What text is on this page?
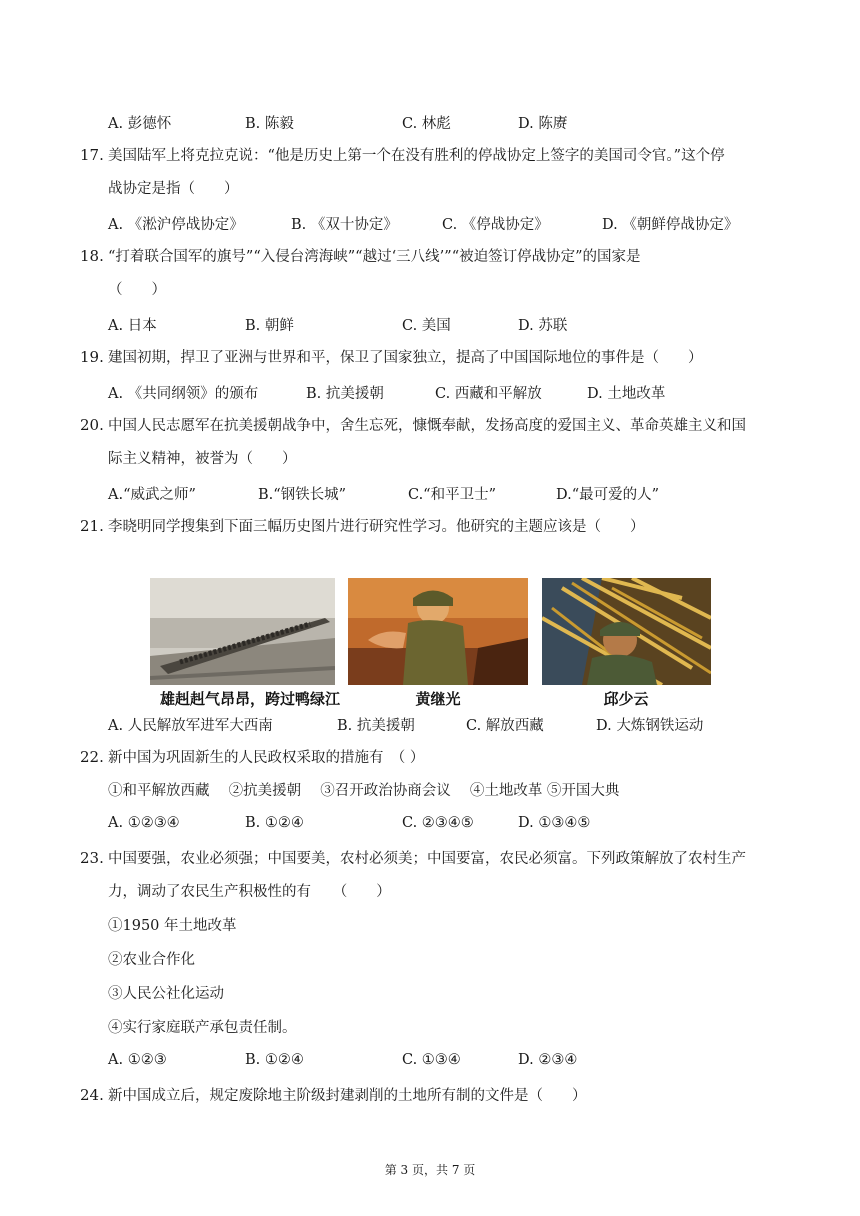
A. 彭德怀	B. 陈毅	C. 林彪	D. 陈赓
17. 美国陆军上将克拉克说：“他是历史上第一个在没有胜利的停战协定上签字的美国司令官。”这个停
战协定是指（　　）
A. 《淞沪停战协定》	B. 《双十协定》	C. 《停战协定》	D. 《朝鲜停战协定》
18. “打着联合国军的旗号”“入侵台湾海峡”“越过‘三八线’”“被迫签订停战协定”的国家是
（　　）
A. 日本	B. 朝鲜	C. 美国	D. 苏联
19. 建国初期，捍卫了亚洲与世界和平，保卫了国家独立，提高了中国国际地位的事件是（　　）
A. 《共同纲领》的颁布	B. 抗美援朝	C. 西藏和平解放	D. 土地改革
20. 中国人民志愿军在抗美援朝战争中，舍生忘死，慷慨奉献，发扬高度的爱国主义、革命英雄主义和国
际主义精神，被誉为（　　）
A.“威武之师”	B.“钢铁长城”	C.“和平卫士”	D.“最可爱的人”
21. 李晓明同学搜集到下面三幅历史图片进行研究性学习。他研究的主题应该是（　　）
雄赳赳气昂昂，跨过鸭绿江	黄继光	邱少云
A. 人民解放军进军大西南	B. 抗美援朝	C. 解放西藏	D. 大炼钢铁运动
22. 新中国为巩固新生的人民政权采取的措施有　（ ）
①和平解放西藏　 ②抗美援朝　 ③召开政治协商会议　 ④土地改革 ⑤开国大典
A. ①②③④	B. ①②④	C. ②③④⑤	D. ①③④⑤
23. 中国要强，农业必须强；中国要美，农村必须美；中国要富，农民必须富。下列政策解放了农村生产
力，调动了农民生产积极性的有　　（　　）
①1950 年土地改革
②农业合作化
③人民公社化运动
④实行家庭联产承包责任制。
A. ①②③	B. ①②④	C. ①③④	D. ②③④
24. 新中国成立后，规定废除地主阶级封建剥削的土地所有制的文件是（　　）
第 3 页，共 7 页
